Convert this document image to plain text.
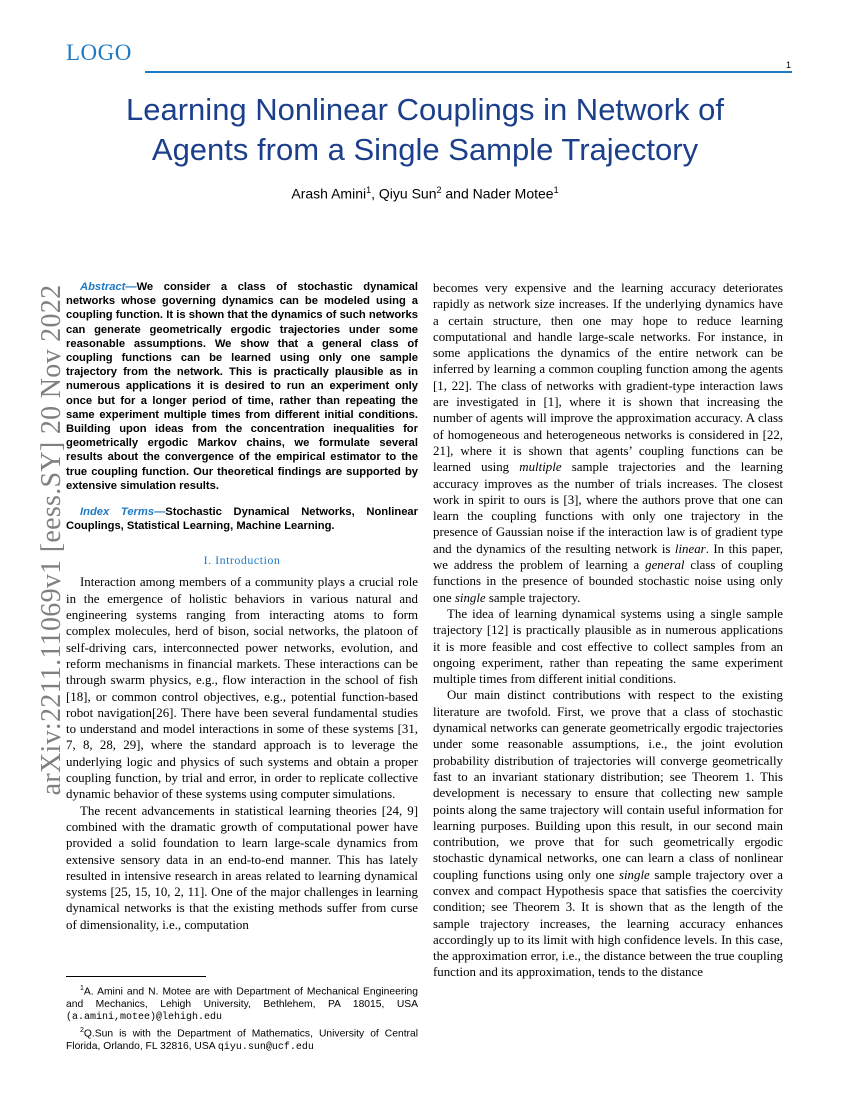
LOGO	1
Learning Nonlinear Couplings in Network of
Agents from a Single Sample Trajectory
Arash Amini$^1$, Qiyu Sun$^2$ and Nader Motee$^1$
arXiv:2211.11069v1 [eess.SY] 20 Nov 2022	Abstract—We consider a class of stochastic dynamical networks whose governing dynamics can be modeled using a coupling function. It is shown that the dynamics of such networks can generate geometrically ergodic trajectories under some reasonable assumptions. We show that a general class of coupling functions can be learned using only one sample trajectory from the network. This is practically plausible as in numerous applications it is desired to run an experiment only once but for a longer period of time, rather than repeating the same experiment multiple times from different initial conditions. Building upon ideas from the concentration inequalities for geometrically ergodic Markov chains, we formulate several results about the convergence of the empirical estimator to the true coupling function. Our theoretical findings are supported by extensive simulation results.

Index Terms—Stochastic Dynamical Networks, Nonlinear Couplings, Statistical Learning, Machine Learning.

I. Introduction

Interaction among members of a community plays a crucial role in the emergence of holistic behaviors in various natural and engineering systems ranging from interacting atoms to form complex molecules, herd of bison, social networks, the platoon of self-driving cars, interconnected power networks, evolution, and reform mechanisms in financial markets. These interactions can be through swarm physics, e.g., flow interaction in the school of fish [18], or common control objectives, e.g., potential function-based robot navigation[26]. There have been several fundamental studies to understand and model interactions in some of these systems [31, 7, 8, 28, 29], where the standard approach is to leverage the underlying logic and physics of such systems and obtain a proper coupling function, by trial and error, in order to replicate collective dynamic behavior of these systems using computer simulations.

The recent advancements in statistical learning theories [24, 9] combined with the dramatic growth of computational power have provided a solid foundation to learn large-scale dynamics from extensive sensory data in an end-to-end manner. This has lately resulted in intensive research in areas related to learning dynamical systems [25, 15, 10, 2, 11]. One of the major challenges in learning dynamical networks is that the existing methods suffer from curse of dimensionality, i.e., computation

$^1$A. Amini and N. Motee are with Department of Mechanical Engineering and Mechanics, Lehigh University, Bethlehem, PA 18015, USA (a.amini,motee)@lehigh.edu

$^2$Q.Sun is with the Department of Mathematics, University of Central Florida, Orlando, FL 32816, USA qiyu.sun@ucf.edu

becomes very expensive and the learning accuracy deteriorates rapidly as network size increases. If the underlying dynamics have a certain structure, then one may hope to reduce learning computational and handle large-scale networks. For instance, in some applications the dynamics of the entire network can be inferred by learning a common coupling function among the agents [1, 22]. The class of networks with gradient-type interaction laws are investigated in [1], where it is shown that increasing the number of agents will improve the approximation accuracy. A class of homogeneous and heterogeneous networks is considered in [22, 21], where it is shown that agents’ coupling functions can be learned using multiple sample trajectories and the learning accuracy improves as the number of trials increases. The closest work in spirit to ours is [3], where the authors prove that one can learn the coupling functions with only one trajectory in the presence of Gaussian noise if the interaction law is of gradient type and the dynamics of the resulting network is linear. In this paper, we address the problem of learning a general class of coupling functions in the presence of bounded stochastic noise using only one single sample trajectory.

The idea of learning dynamical systems using a single sample trajectory [12] is practically plausible as in numerous applications it is more feasible and cost effective to collect samples from an ongoing experiment, rather than repeating the same experiment multiple times from different initial conditions.

Our main distinct contributions with respect to the existing literature are twofold. First, we prove that a class of stochastic dynamical networks can generate geometrically ergodic trajectories under some reasonable assumptions, i.e., the joint evolution probability distribution of trajectories will converge geometrically fast to an invariant stationary distribution; see Theorem 1. This development is necessary to ensure that collecting new sample points along the same trajectory will contain useful information for learning purposes. Building upon this result, in our second main contribution, we prove that for such geometrically ergodic stochastic dynamical networks, one can learn a class of nonlinear coupling functions using only one single sample trajectory over a convex and compact Hypothesis space that satisfies the coercivity condition; see Theorem 3. It is shown that as the length of the sample trajectory increases, the learning accuracy enhances accordingly up to its limit with high confidence levels. In this case, the approximation error, i.e., the distance between the true coupling function and its approximation, tends to the distance
